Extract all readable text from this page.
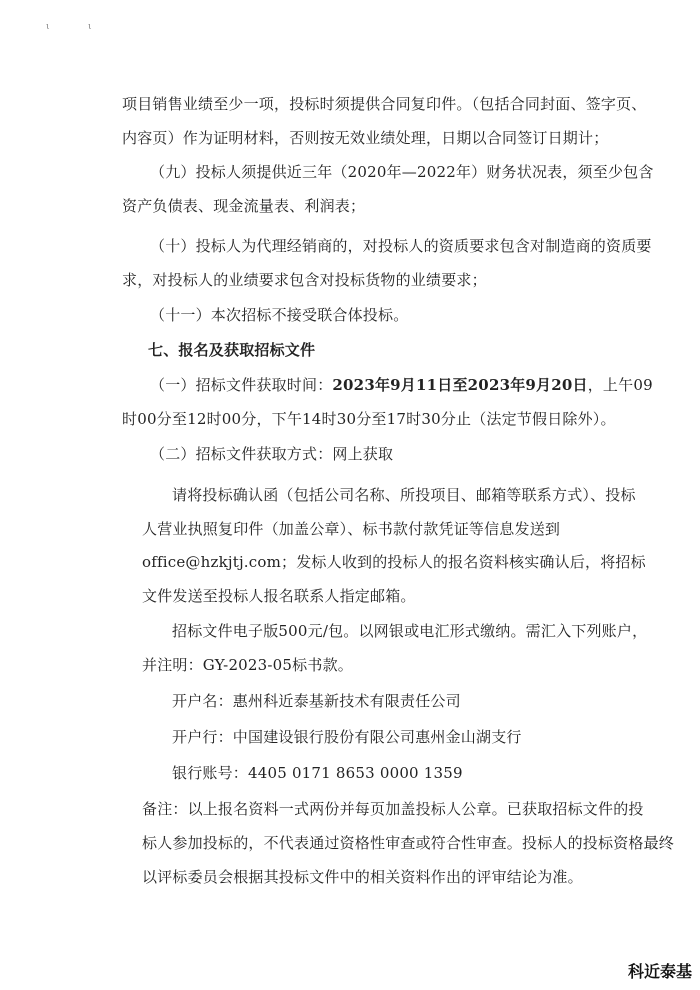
ι	ι
项目销售业绩至少一项，投标时须提供合同复印件。（包括合同封面、签字页、
内容页）作为证明材料，否则按无效业绩处理，日期以合同签订日期计；
（九）投标人须提供近三年（2020年—2022年）财务状况表，须至少包含
资产负债表、现金流量表、利润表；
（十）投标人为代理经销商的，对投标人的资质要求包含对制造商的资质要
求，对投标人的业绩要求包含对投标货物的业绩要求；
（十一）本次招标不接受联合体投标。
七、报名及获取招标文件
（一）招标文件获取时间：2023年9月11日至2023年9月20日，上午09
时00分至12时00分，下午14时30分至17时30分止（法定节假日除外）。
（二）招标文件获取方式：网上获取
请将投标确认函（包括公司名称、所投项目、邮箱等联系方式）、投标
人营业执照复印件（加盖公章）、标书款付款凭证等信息发送到
office@hzkjtj.com；发标人收到的投标人的报名资料核实确认后，将招标
文件发送至投标人报名联系人指定邮箱。
招标文件电子版500元/包。以网银或电汇形式缴纳。需汇入下列账户，
并注明：GY-2023-05标书款。
开户名：惠州科近泰基新技术有限责任公司
开户行：中国建设银行股份有限公司惠州金山湖支行
银行账号：4405 0171 8653 0000 1359
备注：以上报名资料一式两份并每页加盖投标人公章。已获取招标文件的投
标人参加投标的，不代表通过资格性审查或符合性审查。投标人的投标资格最终
以评标委员会根据其投标文件中的相关资料作出的评审结论为准。
科近泰基
